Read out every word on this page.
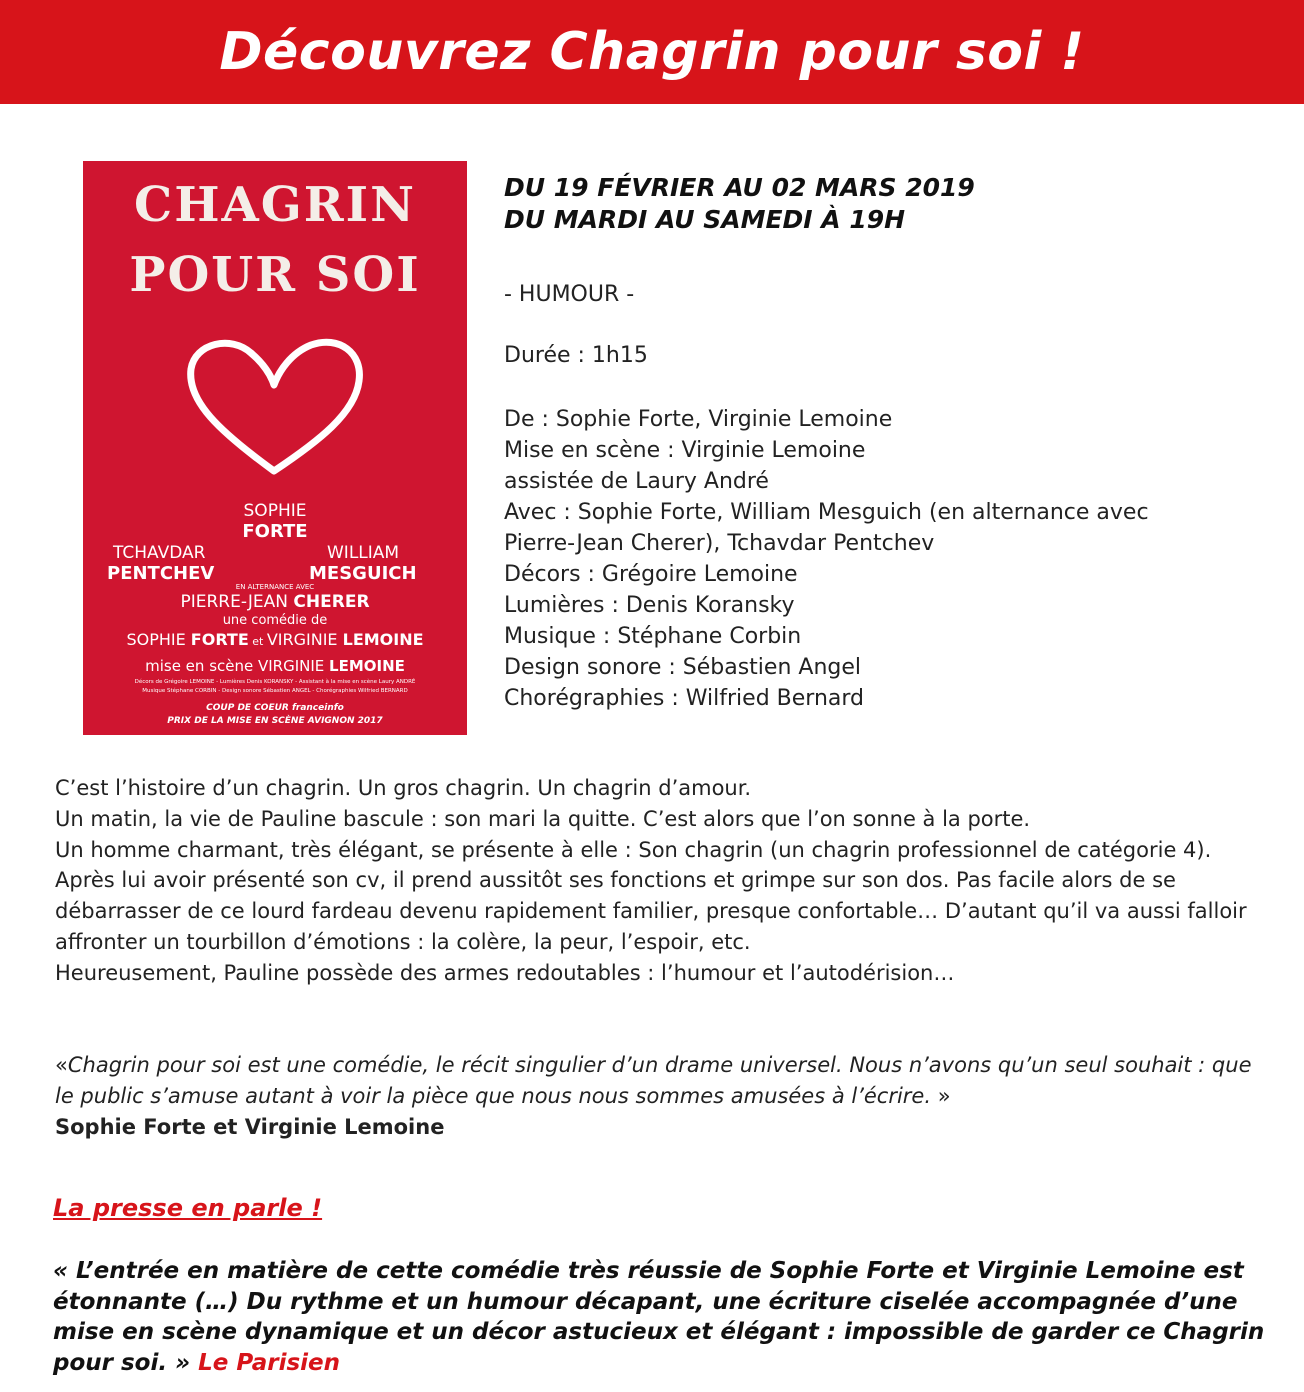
Découvrez Chagrin pour soi !
CHAGRIN
POUR SOI
SOPHIE
FORTE
TCHAVDAR
PENTCHEV
WILLIAM
MESGUICH
EN ALTERNANCE AVEC
PIERRE-JEAN CHERER
une comédie de
SOPHIE FORTE et VIRGINIE LEMOINE
mise en scène VIRGINIE LEMOINE
Décors de Grégoire LEMOINE - Lumières Denis KORANSKY - Assistant à la mise en scène Laury ANDRÉ
Musique Stéphane CORBIN - Design sonore Sébastien ANGEL - Chorégraphies Wilfried BERNARD
COUP DE COEUR franceinfo
PRIX DE LA MISE EN SCÈNE AVIGNON 2017

DU 19 FÉVRIER AU 02 MARS 2019

DU MARDI AU SAMEDI À 19H

- HUMOUR -
Durée : 1h15
De : Sophie Forte, Virginie Lemoine
Mise en scène : Virginie Lemoine
assistée de Laury André
Avec : Sophie Forte, William Mesguich (en alternance avec
Pierre-Jean Cherer), Tchavdar Pentchev
Décors : Grégoire Lemoine
Lumières : Denis Koransky
Musique : Stéphane Corbin
Design sonore : Sébastien Angel
Chorégraphies : Wilfried Bernard

C’est l’histoire d’un chagrin. Un gros chagrin. Un chagrin d’amour.

Un matin, la vie de Pauline bascule : son mari la quitte. C’est alors que l’on sonne à la porte.

Un homme charmant, très élégant, se présente à elle : Son chagrin (un chagrin professionnel de catégorie 4). Après lui avoir présenté son cv, il prend aussitôt ses fonctions et grimpe sur son dos. Pas facile alors de se débarrasser de ce lourd fardeau devenu rapidement familier, presque confortable… D’autant qu’il va aussi falloir affronter un tourbillon d’émotions : la colère, la peur, l’espoir, etc.

Heureusement, Pauline possède des armes redoutables : l’humour et l’autodérision…

«Chagrin pour soi est une comédie, le récit singulier d’un drame universel. Nous n’avons qu’un seul souhait : que le public s’amuse autant à voir la pièce que nous nous sommes amusées à l’écrire. »
Sophie Forte et Virginie Lemoine
La presse en parle !
« L’entrée en matière de cette comédie très réussie de Sophie Forte et Virginie Lemoine est étonnante (…) Du rythme et un humour décapant, une écriture ciselée accompagnée d’une mise en scène dynamique et un décor astucieux et élégant : impossible de garder ce Chagrin pour soi. » Le Parisien
